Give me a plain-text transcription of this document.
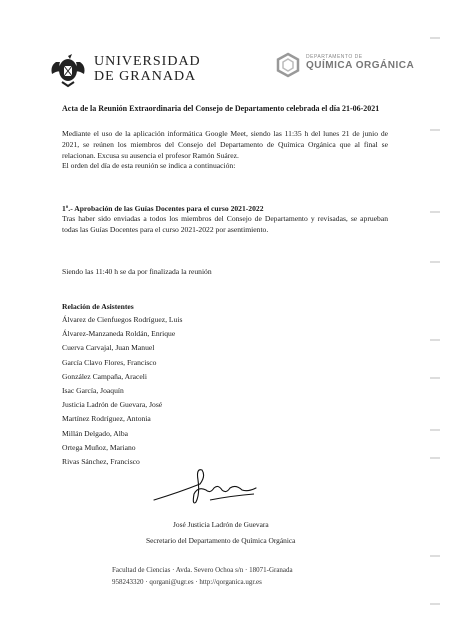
UNIVERSIDAD
DE GRANADA
DEPARTAMENTO DE
QUÍMICA ORGÁNICA
Acta de la Reunión Extraordinaria del Consejo de Departamento celebrada el día 21-06-2021
Mediante el uso de la aplicación informática Google Meet, siendo las 11:35 h del lunes 21 de junio de 2021, se reúnen los miembros del Consejo del Departamento de Química Orgánica que al final se relacionan. Excusa su ausencia el profesor Ramón Suárez.
El orden del día de esta reunión se indica a continuación:
1º.- Aprobación de las Guías Docentes para el curso 2021-2022
Tras haber sido enviadas a todos los miembros del Consejo de Departamento y revisadas, se aprueban todas las Guías Docentes para el curso 2021-2022 por asentimiento.
Siendo las 11:40 h se da por finalizada la reunión
Relación de Asistentes
Álvarez de Cienfuegos Rodríguez, Luis
Álvarez-Manzaneda Roldán, Enrique
Cuerva Carvajal, Juan Manuel
García Clavo Flores, Francisco
González Campaña, Araceli
Isac García, Joaquín
Justicia Ladrón de Guevara, José
Martínez Rodríguez, Antonia
Millán Delgado, Alba
Ortega Muñoz, Mariano
Rivas Sánchez, Francisco
José Justicia Ladrón de Guevara
Secretario del Departamento de Química Orgánica
Facultad de Ciencias · Avda. Severo Ochoa s/n · 18071-Granada
958243320 · qorgani@ugr.es · http://qorganica.ugr.es
